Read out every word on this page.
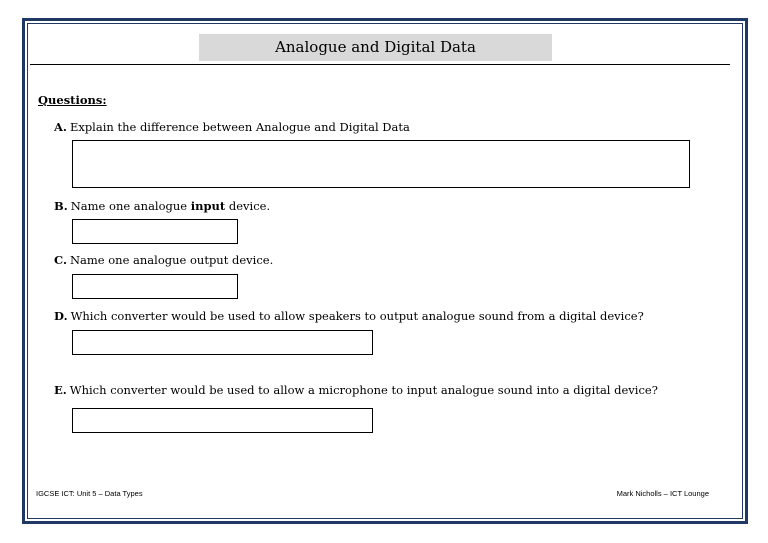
Analogue and Digital Data
Questions:
A. Explain the difference between Analogue and Digital Data
B. Name one analogue input device.
C. Name one analogue output device.
D. Which converter would be used to allow speakers to output analogue sound from a digital device?
E. Which converter would be used to allow a microphone to input analogue sound into a digital device?
IGCSE ICT: Unit 5 – Data Types	Mark Nicholls – ICT Lounge
